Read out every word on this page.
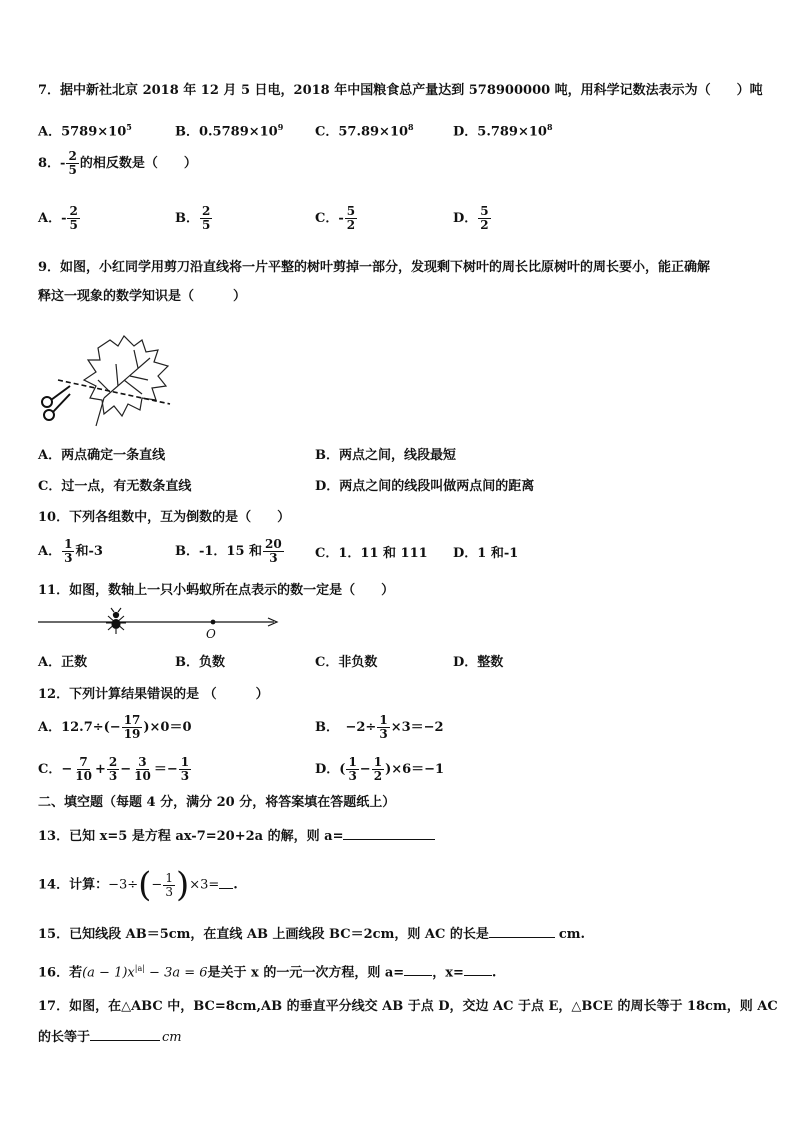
7．据中新社北京 2018 年 12 月 5 日电，2018 年中国粮食总产量达到 578900000 吨，用科学记数法表示为（　　）吨
A．$5789\times 10^5$	B．$0.5789\times 10^9$ C．$57.89\times 10^8$	D．$5.789\times 10^8$
8．- $\frac{2}{5}$ 的相反数是（　　）
A．- $\frac{2}{5}$	B． $\frac{2}{5}$	C．- $\frac{5}{2}$	D． $\frac{5}{2}$
9．如图，小红同学用剪刀沿直线将一片平整的树叶剪掉一部分，发现剩下树叶的周长比原树叶的周长要小，能正确解
释这一现象的数学知识是（　　　）
A．两点确定一条直线	B．两点之间，线段最短
C．过一点，有无数条直线	D．两点之间的线段叫做两点间的距离
10．下列各组数中，互为倒数的是（　　）
A． $\frac{1}{3}$ 和-3	B．-1．15 和 $\frac{20}{3}$ C．1．11 和 111 D．1 和-1
11．如图，数轴上一只小蚂蚁所在点表示的数一定是（　　）
O
A．正数	B．负数	C．非负数	D．整数
12．下列计算结果错误的是 （　　　）
A．$12.7\div(- \frac{17}{19} )\times 0=0$	B．　$-2\div \frac{1}{3} \times 3=-2$
C．− $\frac{7}{10} + \frac{2}{3} - \frac{3}{10} =- \frac{1}{3}$	D．( $\frac{1}{3} - \frac{1}{2} )\times 6=-1$
二、填空题（每题 4 分，满分 20 分，将答案填在答题纸上）
13．已知 x=5 是方程 ax-7=20+2a 的解，则 a=
14．计算：$-3\div(- \frac{1}{3} )\times 3=$ .
15．已知线段 AB＝5cm，在直线 AB 上画线段 BC＝2cm，则 AC 的长是	cm.
16．若$(a - 1)x^{|a|} - 3a = 6$是关于 x 的一元一次方程，则 a= ，x= .
17．如图，在△ABC 中，BC=8cm,AB 的垂直平分线交 AB 于点 D，交边 AC 于点 E，△BCE 的周长等于 18cm，则 AC
的长等于	cm
